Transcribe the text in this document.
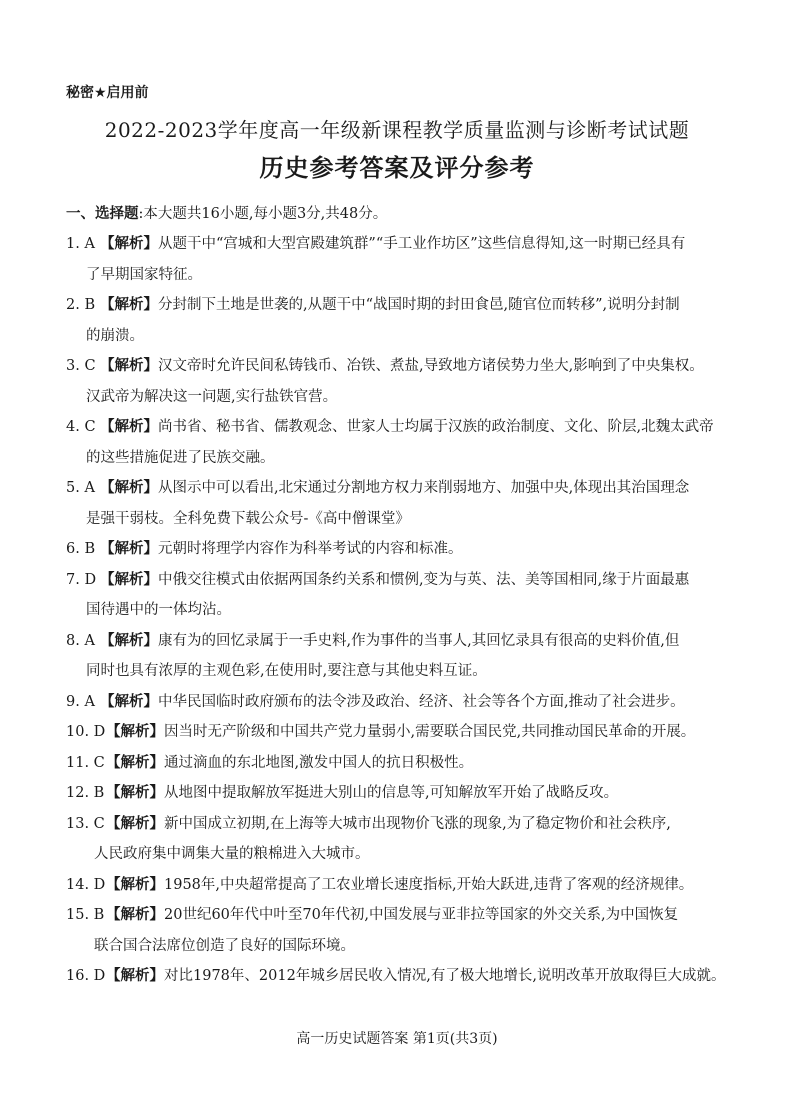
秘密★启用前
2022-2023学年度高一年级新课程教学质量监测与诊断考试试题
历史参考答案及评分参考
一、选择题:本大题共16小题,每小题3分,共48分。
1. A 【解析】从题干中“宫城和大型宫殿建筑群”“手工业作坊区”这些信息得知,这一时期已经具有
了早期国家特征。
2. B 【解析】分封制下土地是世袭的,从题干中“战国时期的封田食邑,随官位而转移”,说明分封制
的崩溃。
3. C 【解析】汉文帝时允许民间私铸钱币、冶铁、煮盐,导致地方诸侯势力坐大,影响到了中央集权。
汉武帝为解决这一问题,实行盐铁官营。
4. C 【解析】尚书省、秘书省、儒教观念、世家人士均属于汉族的政治制度、文化、阶层,北魏太武帝
的这些措施促进了民族交融。
5. A 【解析】从图示中可以看出,北宋通过分割地方权力来削弱地方、加强中央,体现出其治国理念
是强干弱枝。全科免费下载公众号-《高中僧课堂》
6. B 【解析】元朝时将理学内容作为科举考试的内容和标准。
7. D 【解析】中俄交往模式由依据两国条约关系和惯例,变为与英、法、美等国相同,缘于片面最惠
国待遇中的一体均沾。
8. A 【解析】康有为的回忆录属于一手史料,作为事件的当事人,其回忆录具有很高的史料价值,但
同时也具有浓厚的主观色彩,在使用时,要注意与其他史料互证。
9. A 【解析】中华民国临时政府颁布的法令涉及政治、经济、社会等各个方面,推动了社会进步。
10. D【解析】因当时无产阶级和中国共产党力量弱小,需要联合国民党,共同推动国民革命的开展。
11. C【解析】通过滴血的东北地图,激发中国人的抗日积极性。
12. B 【解析】从地图中提取解放军挺进大别山的信息等,可知解放军开始了战略反攻。
13. C【解析】新中国成立初期,在上海等大城市出现物价飞涨的现象,为了稳定物价和社会秩序,
人民政府集中调集大量的粮棉进入大城市。
14. D【解析】1958年,中央超常提高了工农业增长速度指标,开始大跃进,违背了客观的经济规律。
15. B 【解析】20世纪60年代中叶至70年代初,中国发展与亚非拉等国家的外交关系,为中国恢复
联合国合法席位创造了良好的国际环境。
16. D【解析】对比1978年、2012年城乡居民收入情况,有了极大地增长,说明改革开放取得巨大成就。
高一历史试题答案 第1页(共3页)
